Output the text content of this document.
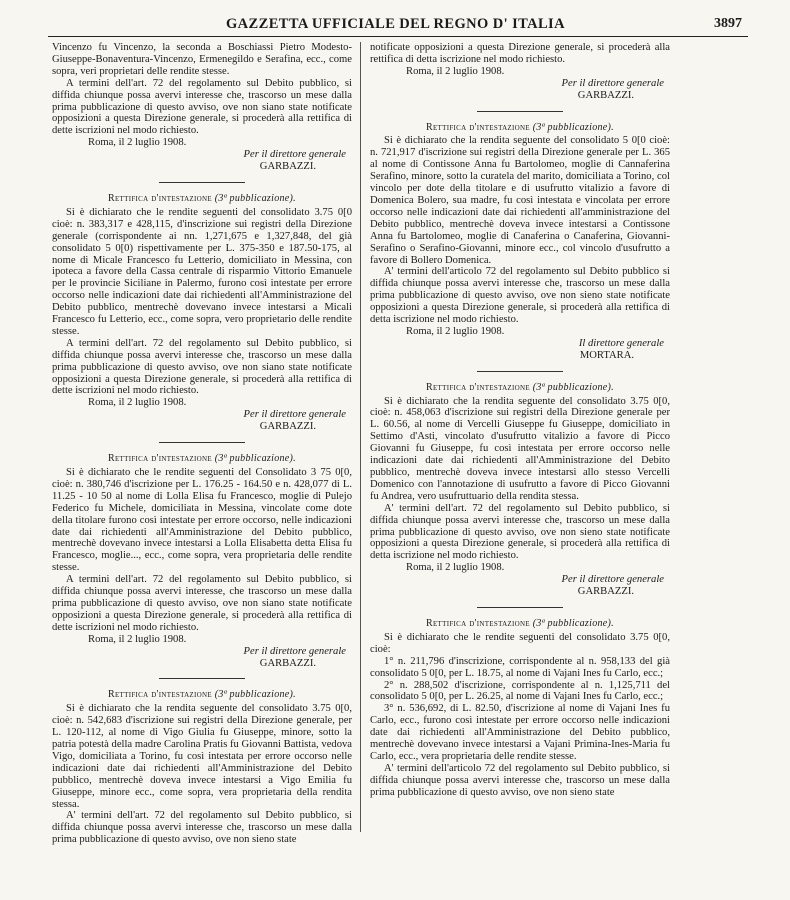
GAZZETTA UFFICIALE DEL REGNO D' ITALIA	3897

Vincenzo fu Vincenzo, la seconda a Boschiassi Pietro Modesto-Giuseppe-Bonaventura-Vincenzo, Ermenegildo e Serafina, ecc., come sopra, veri proprietari delle rendite stesse.

A termini dell'art. 72 del regolamento sul Debito pubblico, si diffida chiunque possa avervi interesse che, trascorso un mese dalla prima pubblicazione di questo avviso, ove non siano state notificate opposizioni a questa Direzione generale, si procederà alla rettifica di dette iscrizioni nel modo richiesto.

Roma, il 2 luglio 1908.

Per il direttore generale
GARBAZZI.
Rettifica d'intestazione (3ª pubblicazione).

Si è dichiarato che le rendite seguenti del consolidato 3.75 0[0 cioè: n. 383,317 e 428,115, d'inscrizione sui registri della Direzione generale (corrispondente ai nn. 1,271,675 e 1,327,848, del già consolidato 5 0[0) rispettivamente per L. 375-350 e 187.50-175, al nome di Micale Francesco fu Letterio, domiciliato in Messina, con ipoteca a favore della Cassa centrale di risparmio Vittorio Emanuele per le provincie Siciliane in Palermo, furono così intestate per errore occorso nelle indicazioni date dai richiedenti all'Amministrazione del Debito pubblico, mentrechè dovevano invece intestarsi a Micali Francesco fu Letterio, ecc., come sopra, vero proprietario delle rendite stesse.

A termini dell'art. 72 del regolamento sul Debito pubblico, si diffida chiunque possa avervi interesse che, trascorso un mese dalla prima pubblicazione di questo avviso, ove non siano state notificate opposizioni a questa Direzione generale, si procederà alla rettifica di dette iscrizioni nel modo richiesto.

Roma, il 2 luglio 1908.

Per il direttore generale
GARBAZZI.
Rettifica d'intestazione (3ª pubblicazione).

Si è dichiarato che le rendite seguenti del Consolidato 3 75 0[0, cioè: n. 380,746 d'iscrizione per L. 176.25 - 164.50 e n. 428,077 di L. 11.25 - 10 50 al nome di Lolla Elisa fu Francesco, moglie di Pulejo Federico fu Michele, domiciliata in Messina, vincolate come dote della titolare furono così intestate per errore occorso, nelle indicazioni date dai richiedenti all'Amministrazione del Debito pubblico, mentrechè dovevano invece intestarsi a Lolla Elisabetta detta Elisa fu Francesco, moglie..., ecc., come sopra, vera proprietaria delle rendite stesse.

A termini dell'art. 72 del regolamento sul Debito pubblico, si diffida chiunque possa avervi interesse, che trascorso un mese dalla prima pubblicazione di questo avviso, ove non siano state notificate opposizioni a questa Direzione generale, si procederà alla rettifica di dette iscrizioni nel modo richiesto.

Roma, il 2 luglio 1908.

Per il direttore generale
GARBAZZI.
Rettifica d'intestazione (3ª pubblicazione).

Si è dichiarato che la rendita seguente del consolidato 3.75 0[0, cioè: n. 542,683 d'iscrizione sui registri della Direzione generale, per L. 120-112, al nome di Vigo Giulia fu Giuseppe, minore, sotto la patria potestà della madre Carolina Pratis fu Giovanni Battista, vedova Vigo, domiciliata a Torino, fu così intestata per errore occorso nelle indicazioni date dai richiedenti all'Amministrazione del Debito pubblico, mentrechè doveva invece intestarsi a Vigo Emilia fu Giuseppe, minore ecc., come sopra, vera proprietaria della rendita stessa.

A' termini dell'art. 72 del regolamento sul Debito pubblico, si diffida chiunque possa avervi interesse che, trascorso un mese dalla prima pubblicazione di questo avviso, ove non sieno state

notificate opposizioni a questa Direzione generale, si procederà alla rettifica di detta iscrizione nel modo richiesto.

Roma, il 2 luglio 1908.

Per il direttore generale
GARBAZZI.
Rettifica d'intestazione (3ª pubblicazione).

Si è dichiarato che la rendita seguente del consolidato 5 0[0 cioè: n. 721,917 d'iscrizione sui registri della Direzione generale per L. 365 al nome di Contissone Anna fu Bartolomeo, moglie di Cannaferina Serafino, minore, sotto la curatela del marito, domiciliata a Torino, col vincolo per dote della titolare e di usufrutto vitalizio a favore di Domenica Bolero, sua madre, fu così intestata e vincolata per errore occorso nelle indicazioni date dai richiedenti all'amministrazione del Debito pubblico, mentrechè doveva invece intestarsi a Contissone Anna fu Bartolomeo, moglie di Canaferina o Canaferina, Giovanni-Serafino o Serafino-Giovanni, minore ecc., col vincolo d'usufrutto a favore di Bollero Domenica.

A' termini dell'articolo 72 del regolamento sul Debito pubblico si diffida chiunque possa avervi interesse che, trascorso un mese dalla prima pubblicazione di questo avviso, ove non sieno state notificate opposizioni a questa Direzione generale, si procederà alla rettifica di detta iscrizione nel modo richiesto.

Roma, il 2 luglio 1908.

Il direttore generale
MORTARA.
Rettifica d'intestazione (3ª pubblicazione).

Si è dichiarato che la rendita seguente del consolidato 3.75 0[0, cioè: n. 458,063 d'iscrizione sui registri della Direzione generale per L. 60.56, al nome di Vercelli Giuseppe fu Giuseppe, domiciliato in Settimo d'Asti, vincolato d'usufrutto vitalizio a favore di Picco Giovanni fu Giuseppe, fu così intestata per errore occorso nelle indicazioni date dai richiedenti all'Amministrazione del Debito pubblico, mentrechè doveva invece intestarsi allo stesso Vercelli Domenico con l'annotazione di usufrutto a favore di Picco Giovanni fu Andrea, vero usufruttuario della rendita stessa.

A' termini dell'art. 72 del regolamento sul Debito pubblico, si diffida chiunque possa avervi interesse che, trascorso un mese dalla prima pubblicazione di questo avviso, ove non sieno state notificate opposizioni a questa Direzione generale, si procederà alla rettifica di detta iscrizione nel modo richiesto.

Roma, il 2 luglio 1908.

Per il direttore generale
GARBAZZI.
Rettifica d'intestazione (3ª pubblicazione).

Si è dichiarato che le rendite seguenti del consolidato 3.75 0[0, cioè:

1° n. 211,796 d'inscrizione, corrispondente al n. 958,133 del già consolidato 5 0[0, per L. 18.75, al nome di Vajani Ines fu Carlo, ecc.;

2° n. 288,502 d'iscrizione, corrispondente al n. 1,125,711 del consolidato 5 0[0, per L. 26.25, al nome di Vajani Ines fu Carlo, ecc.;

3° n. 536,692, di L. 82.50, d'iscrizione al nome di Vajani Ines fu Carlo, ecc., furono così intestate per errore occorso nelle indicazioni date dai richiedenti all'Amministrazione del Debito pubblico, mentrechè dovevano invece intestarsi a Vajani Primina-Ines-Maria fu Carlo, ecc., vera proprietaria delle rendite stesse.

A' termini dell'articolo 72 del regolamento sul Debito pubblico, si diffida chiunque possa avervi interesse che, trascorso un mese dalla prima pubblicazione di questo avviso, ove non sieno state
